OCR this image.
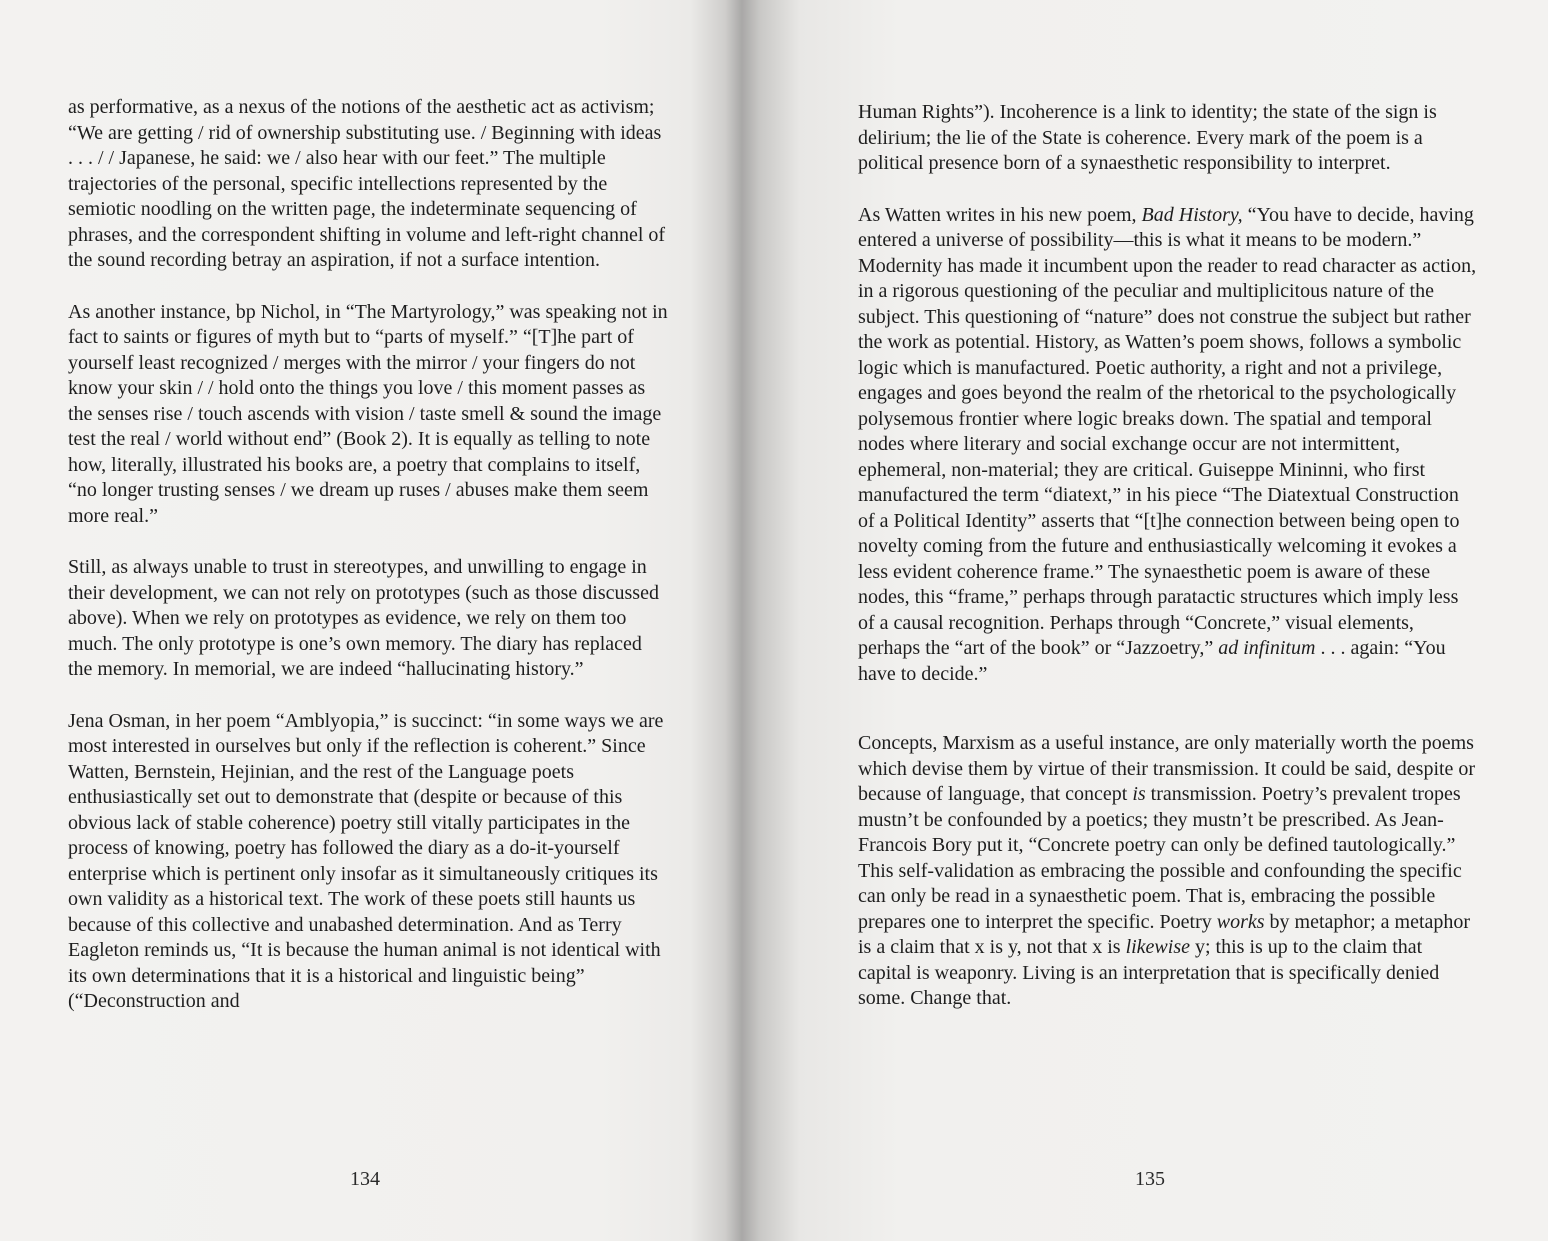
as performative, as a nexus of the notions of the aesthetic act as activism; “We are getting / rid of ownership substituting use. / Beginning with ideas . . . / / Japanese, he said: we / also hear with our feet.” The multiple trajectories of the personal, specific intellections represented by the semiotic noodling on the written page, the indeterminate sequencing of phrases, and the correspondent shifting in volume and left-right channel of the sound recording betray an aspiration, if not a surface intention.

As another instance, bp Nichol, in “The Martyrology,” was speaking not in fact to saints or figures of myth but to “parts of myself.” “[T]he part of yourself least recognized / merges with the mirror / your fingers do not know your skin / / hold onto the things you love / this moment passes as the senses rise / touch ascends with vision / taste smell & sound the image test the real / world without end” (Book 2). It is equally as telling to note how, literally, illustrated his books are, a poetry that complains to itself, “no longer trusting senses / we dream up ruses / abuses make them seem more real.”

Still, as always unable to trust in stereotypes, and unwilling to engage in their development, we can not rely on prototypes (such as those discussed above). When we rely on prototypes as evidence, we rely on them too much. The only prototype is one’s own memory. The diary has replaced the memory. In memorial, we are indeed “hallucinating history.”

Jena Osman, in her poem “Amblyopia,” is succinct: “in some ways we are most interested in ourselves but only if the reflection is coherent.” Since Watten, Bernstein, Hejinian, and the rest of the Language poets enthusiastically set out to demonstrate that (despite or because of this obvious lack of stable coherence) poetry still vitally participates in the process of knowing, poetry has followed the diary as a do-it-yourself enterprise which is pertinent only insofar as it simultaneously critiques its own validity as a historical text. The work of these poets still haunts us because of this collective and unabashed determination. And as Terry Eagleton reminds us, “It is because the human animal is not identical with its own determinations that it is a historical and linguistic being” (“Deconstruction and

134

Human Rights”). Incoherence is a link to identity; the state of the sign is delirium; the lie of the State is coherence. Every mark of the poem is a political presence born of a synaesthetic responsibility to interpret.

As Watten writes in his new poem, Bad History, “You have to decide, having entered a universe of possibility—this is what it means to be modern.” Modernity has made it incumbent upon the reader to read character as action, in a rigorous questioning of the peculiar and multiplicitous nature of the subject. This questioning of “nature” does not construe the subject but rather the work as potential. History, as Watten’s poem shows, follows a symbolic logic which is manufactured. Poetic authority, a right and not a privilege, engages and goes beyond the realm of the rhetorical to the psychologically polysemous frontier where logic breaks down. The spatial and temporal nodes where literary and social exchange occur are not intermittent, ephemeral, non-material; they are critical. Guiseppe Mininni, who first manufactured the term “diatext,” in his piece “The Diatextual Construction of a Political Identity” asserts that “[t]he connection between being open to novelty coming from the future and enthusiastically welcoming it evokes a less evident coherence frame.” The synaesthetic poem is aware of these nodes, this “frame,” perhaps through paratactic structures which imply less of a causal recognition. Perhaps through “Concrete,” visual elements, perhaps the “art of the book” or “Jazzoetry,” ad infinitum . . . again: “You have to decide.”

Concepts, Marxism as a useful instance, are only materially worth the poems which devise them by virtue of their transmission. It could be said, despite or because of language, that concept is transmission. Poetry’s prevalent tropes mustn’t be confounded by a poetics; they mustn’t be prescribed. As Jean-Francois Bory put it, “Concrete poetry can only be defined tautologically.” This self-validation as embracing the possible and confounding the specific can only be read in a synaesthetic poem. That is, embracing the possible prepares one to interpret the specific. Poetry works by metaphor; a metaphor is a claim that x is y, not that x is likewise y; this is up to the claim that capital is weaponry. Living is an interpretation that is specifically denied some. Change that.

135
